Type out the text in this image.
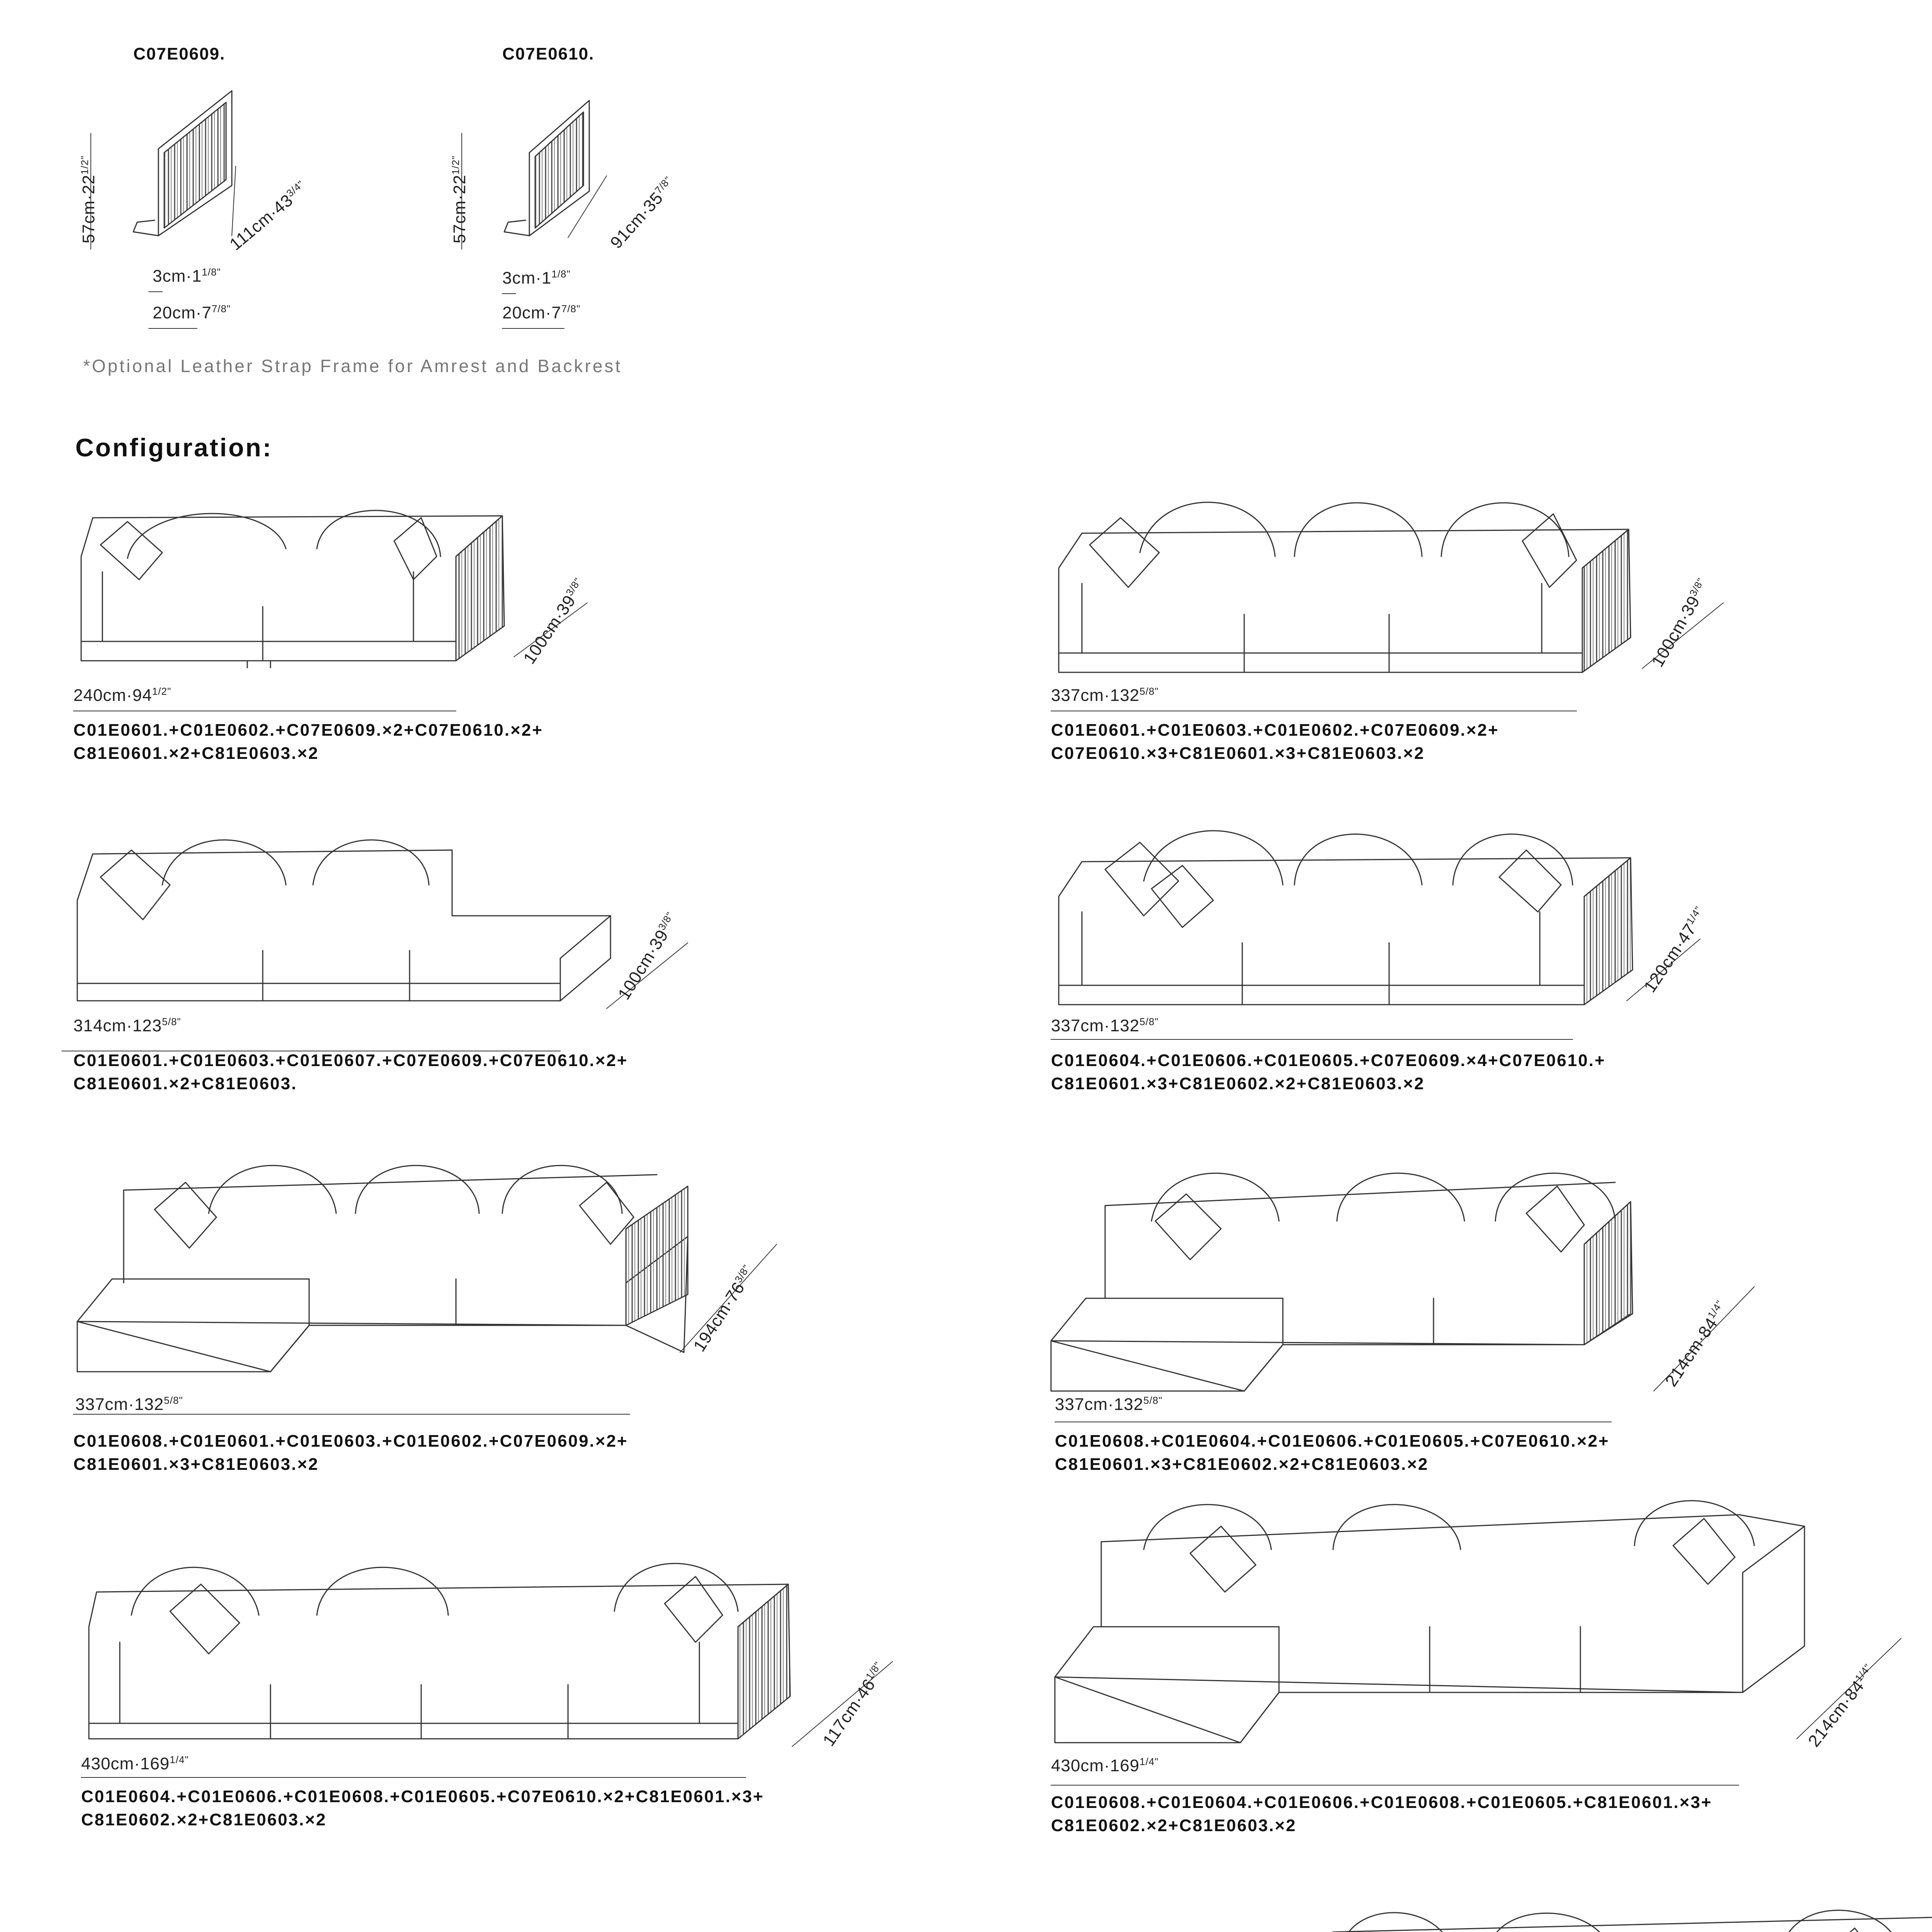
C07E0609.	C07E0610.
$57cm\cdot 22^{1/2"}$
$111cm\cdot 43^{3/4"}$
$3cm\cdot 1^{1/8"}$
$20cm\cdot 7^{7/8"}$
$57cm\cdot 22^{1/2"}$
$91cm\cdot 35^{7/8"}$
$3cm\cdot 1^{1/8"}$
$20cm\cdot 7^{7/8"}$
*Optional Leather Strap Frame for Amrest and Backrest
Configuration:
$240cm\cdot 94^{1/2"}$
$100cm\cdot 39^{3/8"}$
C01E0601.+C01E0602.+C07E0609.×2+C07E0610.×2+
C81E0601.×2+C81E0603.×2
$337cm\cdot 132^{5/8"}$
$100cm\cdot 39^{3/8"}$
C01E0601.+C01E0603.+C01E0602.+C07E0609.×2+
C07E0610.×3+C81E0601.×3+C81E0603.×2
$314cm\cdot 123^{5/8"}$
$100cm\cdot 39^{3/8"}$
C01E0601.+C01E0603.+C01E0607.+C07E0609.+C07E0610.×2+
C81E0601.×2+C81E0603.
$337cm\cdot 132^{5/8"}$
$120cm\cdot 47^{1/4"}$
C01E0604.+C01E0606.+C01E0605.+C07E0609.×4+C07E0610.+
C81E0601.×3+C81E0602.×2+C81E0603.×2
$337cm\cdot 132^{5/8"}$
$194cm\cdot 76^{3/8"}$
C01E0608.+C01E0601.+C01E0603.+C01E0602.+C07E0609.×2+
C81E0601.×3+C81E0603.×2
$337cm\cdot 132^{5/8"}$
$214cm\cdot 84^{1/4"}$
C01E0608.+C01E0604.+C01E0606.+C01E0605.+C07E0610.×2+
C81E0601.×3+C81E0602.×2+C81E0603.×2
$430cm\cdot 169^{1/4"}$
$117cm\cdot 46^{1/8"}$
C01E0604.+C01E0606.+C01E0608.+C01E0605.+C07E0610.×2+C81E0601.×3+
C81E0602.×2+C81E0603.×2
$430cm\cdot 169^{1/4"}$
$214cm\cdot 84^{1/4"}$
C01E0608.+C01E0604.+C01E0606.+C01E0608.+C01E0605.+C81E0601.×3+
C81E0602.×2+C81E0603.×2
